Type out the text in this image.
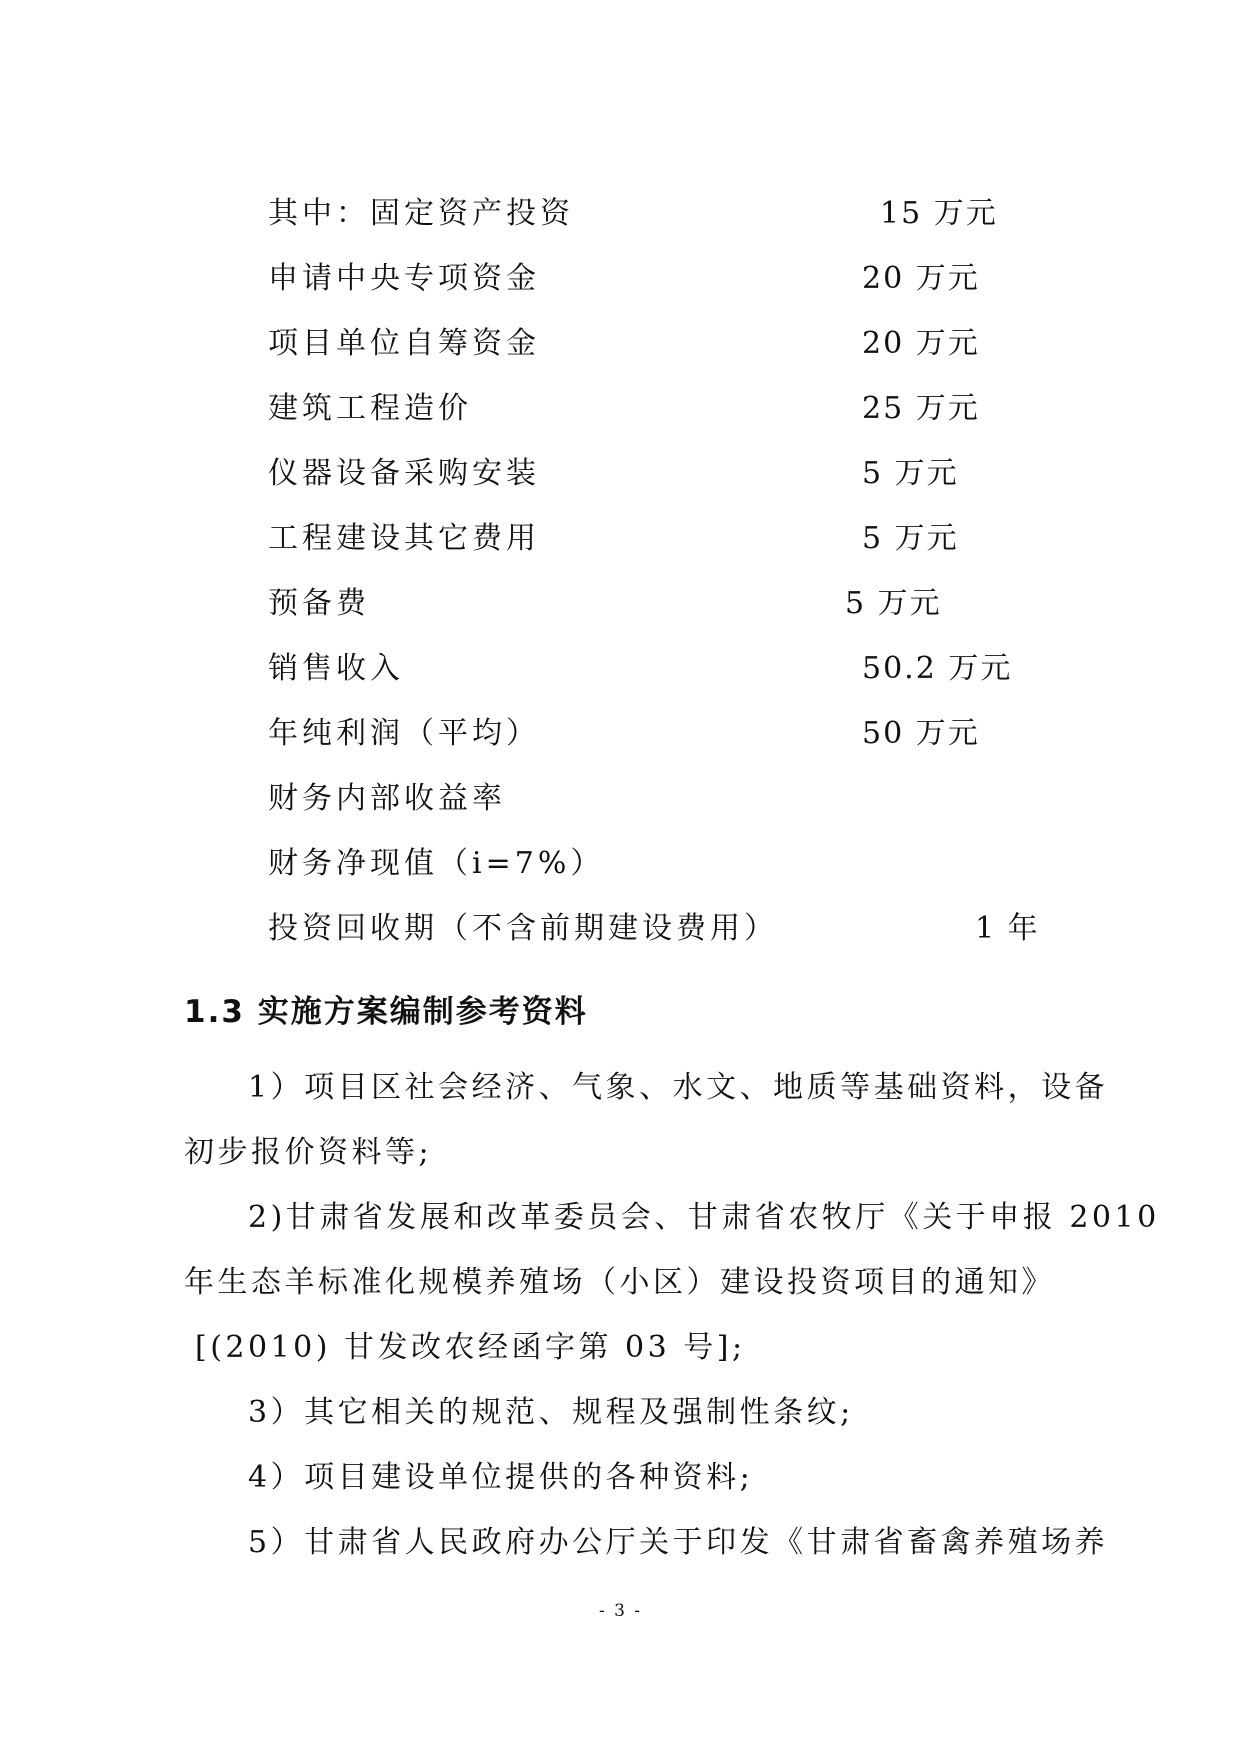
其中：固定资产投资	15 万元
申请中央专项资金	20 万元
项目单位自筹资金	20 万元
建筑工程造价	25 万元
仪器设备采购安装	5 万元
工程建设其它费用	5 万元
预备费	5 万元
销售收入	50.2 万元
年纯利润（平均）	50 万元
财务内部收益率
财务净现值（i=7%）
投资回收期（不含前期建设费用）	1 年
1.3 实施方案编制参考资料
1）项目区社会经济、气象、水文、地质等基础资料，设备
初步报价资料等;
2)甘肃省发展和改革委员会、甘肃省农牧厅《关于申报 2010
年生态羊标准化规模养殖场（小区）建设投资项目的通知》
[(2010) 甘发改农经函字第 03 号];
3）其它相关的规范、规程及强制性条纹;
4）项目建设单位提供的各种资料;
5）甘肃省人民政府办公厅关于印发《甘肃省畜禽养殖场养
- 3 -
